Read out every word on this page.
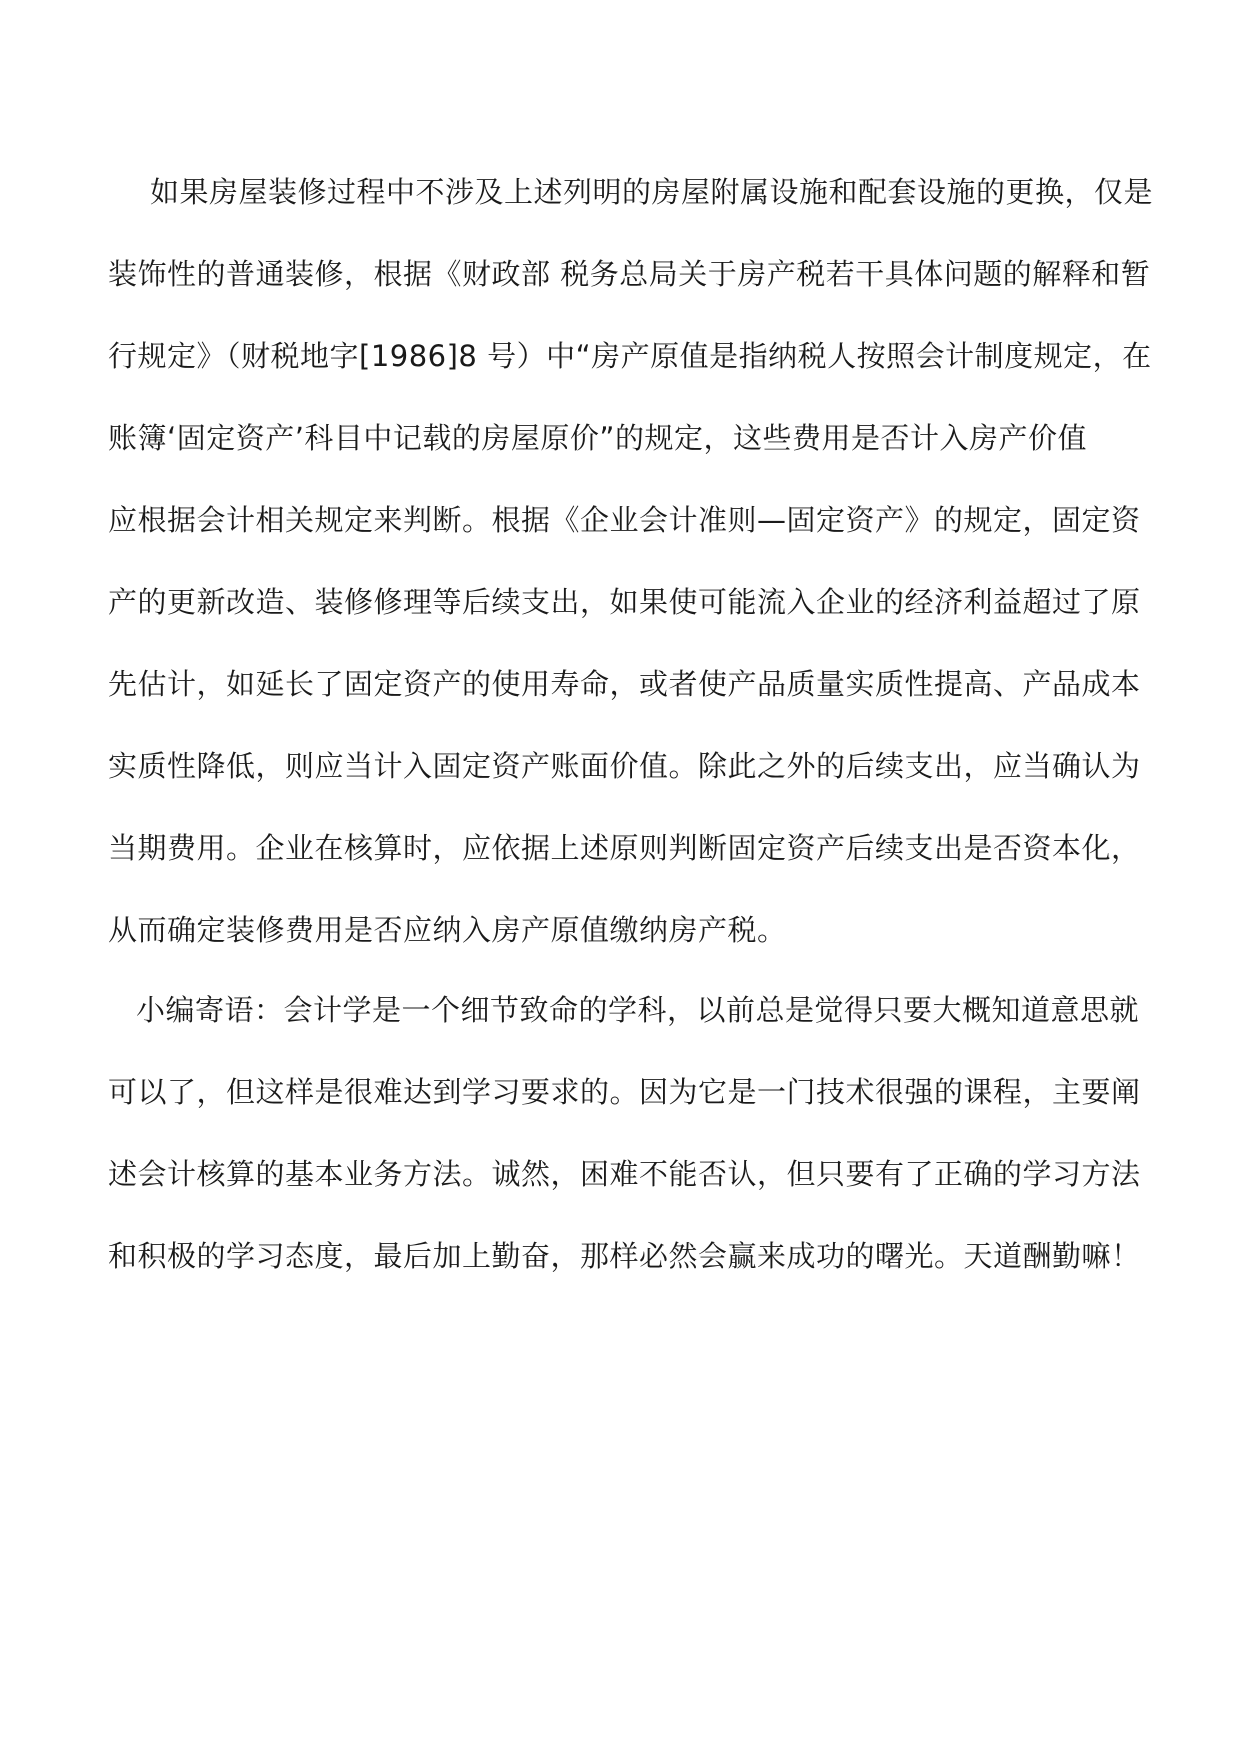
如果房屋装修过程中不涉及上述列明的房屋附属设施和配套设施的更换，仅是
装饰性的普通装修，根据《财政部 税务总局关于房产税若干具体问题的解释和暂
行规定》（财税地字[1986]8 号）中“房产原值是指纳税人按照会计制度规定，在
账簿‘固定资产’科目中记载的房屋原价”的规定，这些费用是否计入房产价值
应根据会计相关规定来判断。根据《企业会计准则—固定资产》的规定，固定资
产的更新改造、装修修理等后续支出，如果使可能流入企业的经济利益超过了原
先估计，如延长了固定资产的使用寿命，或者使产品质量实质性提高、产品成本
实质性降低，则应当计入固定资产账面价值。除此之外的后续支出，应当确认为
当期费用。企业在核算时，应依据上述原则判断固定资产后续支出是否资本化，
从而确定装修费用是否应纳入房产原值缴纳房产税。
小编寄语：会计学是一个细节致命的学科，以前总是觉得只要大概知道意思就
可以了，但这样是很难达到学习要求的。因为它是一门技术很强的课程，主要阐
述会计核算的基本业务方法。诚然，困难不能否认，但只要有了正确的学习方法
和积极的学习态度，最后加上勤奋，那样必然会赢来成功的曙光。天道酬勤嘛！
